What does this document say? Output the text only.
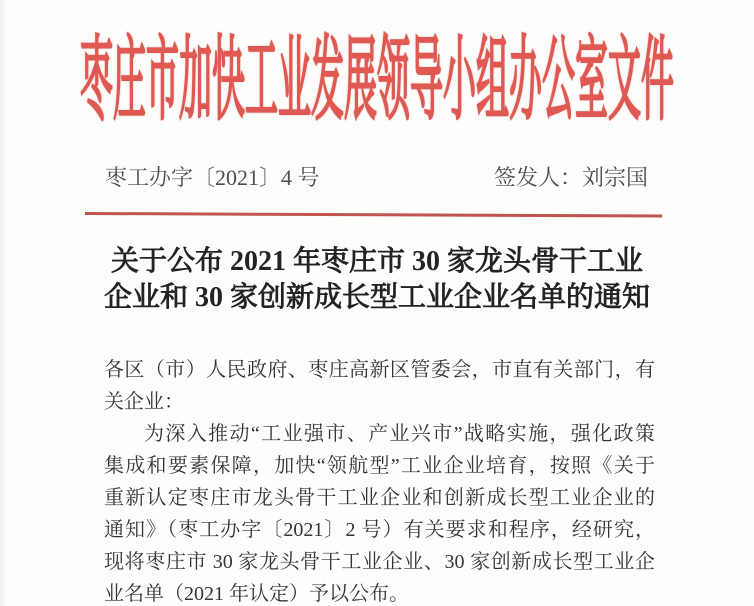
枣庄市加快工业发展领导小组办公室文件
枣工办字〔2021〕4 号	签发人：刘宗国
关于公布 2021 年枣庄市 30 家龙头骨干工业
企业和 30 家创新成长型工业企业名单的通知
各区（市）人民政府、枣庄高新区管委会，市直有关部门，有
关企业：
为深入推动“工业强市、产业兴市”战略实施，强化政策
集成和要素保障，加快“领航型”工业企业培育，按照《关于
重新认定枣庄市龙头骨干工业企业和创新成长型工业企业的
通知》（枣工办字〔2021〕2 号）有关要求和程序，经研究，
现将枣庄市 30 家龙头骨干工业企业、30 家创新成长型工业企
业名单（2021 年认定）予以公布。
